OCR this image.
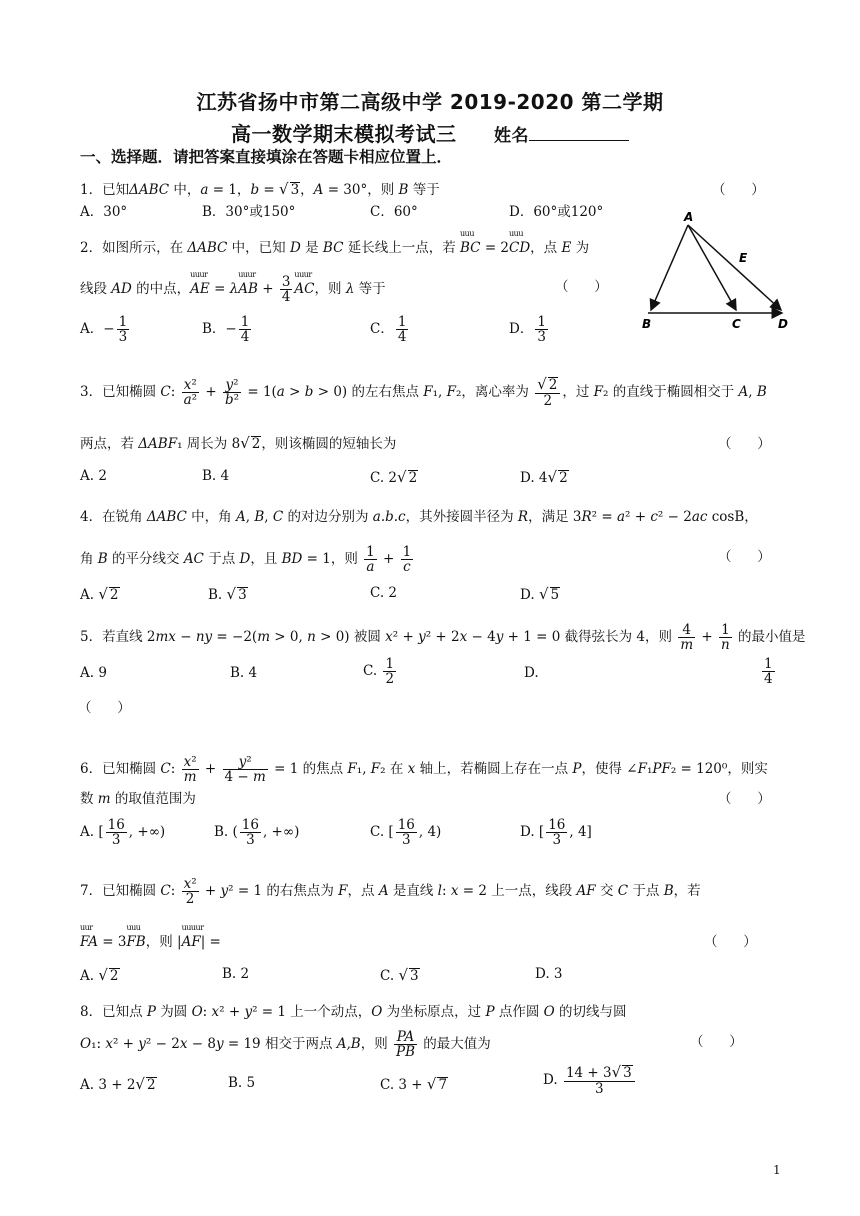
江苏省扬中市第二高级中学 2019-2020 第二学期
高一数学期末模拟考试三 姓名
一、选择题．请把答案直接填涂在答题卡相应位置上．
1．已知ΔABC 中，a = 1，b = √ 3，A = 30°，则 B 等于	（      ）
A．30°	B．30°或150°	C．60°	D．60°或120°
2．如图所示，在 ΔABC 中，已知 D 是 BC 延长线上一点，若 uuu BC = 2uuu CD，点 E 为
线段 AD 的中点，uuur AE = λuuur AB + $\frac{3}{4}$
uuur AC，则 λ 等于	（      ）
A．− $\frac{1}{3}$	B．− $\frac{1}{4}$	C． $\frac{1}{4}$	D． $\frac{1}{3}$
A
E
B	C	D
3．已知椭圆 C: $\frac{\text{x²}}{\text{a²}} + \frac{\text{y²}}{\text{b²}} = 1(a > b > 0)$ 的左右焦点 F₁, F₂，离心率为 $\frac{√ 2}{2}$ ，过 F₂ 的直线于椭圆相交于 A, B
两点，若 ΔABF₁ 周长为 8√ 2，则该椭圆的短轴长为	（      ）
A. 2	B. 4	C. 2√ 2	D. 4√ 2
4．在锐角 ΔABC 中，角 A, B, C 的对边分别为 a.b.c，其外接圆半径为 R，满足 3R² = a² + c² − 2ac cosB，
角 B 的平分线交 AC 于点 D，且 BD = 1，则 $\frac{1}{a} + \frac{1}{c}$	（      ）
A. √ 2	B. √ 3	C. 2	D. √ 5
5．若直线 2mx − ny = −2(m > 0, n > 0) 被圆 x² + y² + 2x − 4y + 1 = 0 截得弦长为 4，则 $\frac{4}{m} + \frac{1}{n}$ 的最小值是
A. 9	B. 4	C. $\frac{1}{2}$	D.	$\frac{1}{4}$
（      ）
6．已知椭圆 C: $\frac{\text{x²}}{m} + \frac{\text{y²}}{4 - m} = 1$ 的焦点 F₁, F₂ 在 x 轴上，若椭圆上存在一点 P，使得 ∠F₁PF₂ = 120⁰，则实
数 m 的取值范围为	（      ）
A. [ $\frac{16}{3}$ , +∞)	B. ( $\frac{16}{3}$ , +∞)	C. [ $\frac{16}{3}$ , 4)	D. [ $\frac{16}{3}$ , 4]
7．已知椭圆 C: $\frac{\text{x²}}{2} + y^2 = 1$ 的右焦点为 F，点 A 是直线 l: x = 2 上一点，线段 AF 交 C 于点 B，若
uur FA = 3uuu FB，则 |uuuur AF| =	（      ）
A. √ 2	B. 2	C. √ 3	D. 3
8．已知点 P 为圆 O: x² + y² = 1 上一个动点，O 为坐标原点，过 P 点作圆 O 的切线与圆
O₁: x² + y² − 2x − 8y = 19 相交于两点 A,B，则 $\frac{PA}{PB}$ 的最大值为	（      ）
A. 3 + 2√ 2	B. 5	C. 3 + √ 7	D. $\frac{14 + 3√ 3}{3}$
1
